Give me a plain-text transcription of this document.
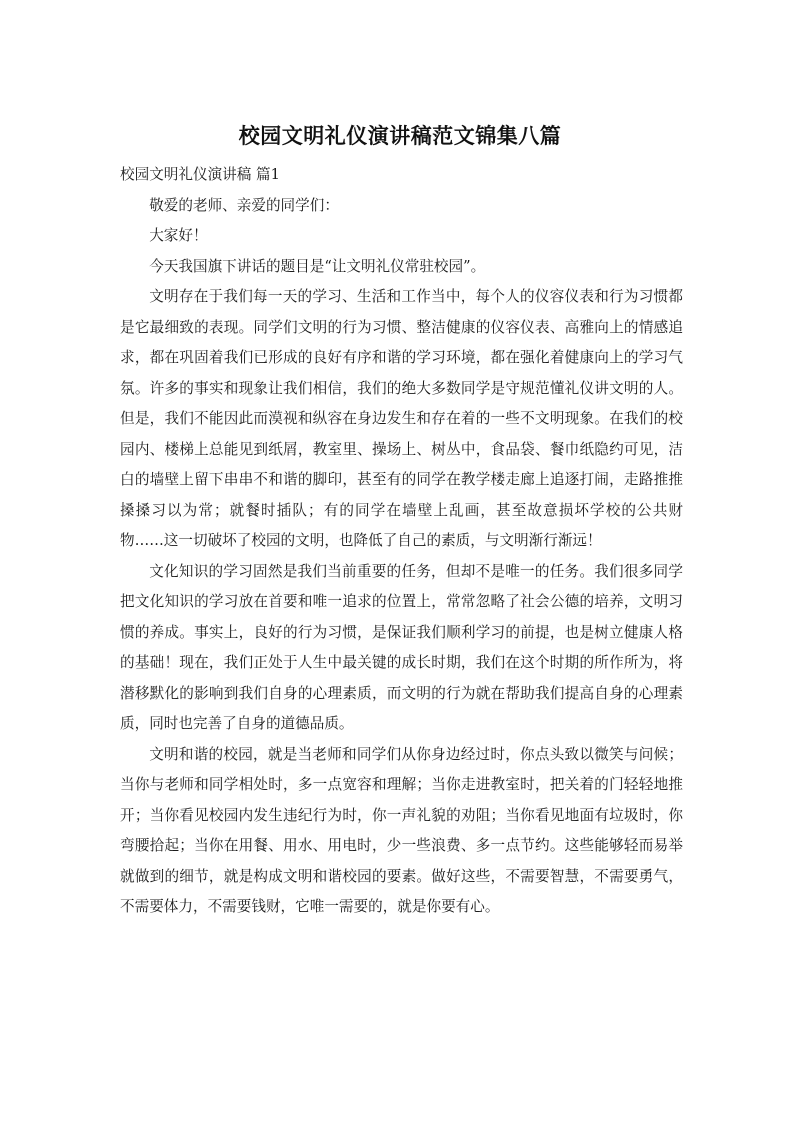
校园文明礼仪演讲稿范文锦集八篇

校园文明礼仪演讲稿 篇1

敬爱的老师、亲爱的同学们：

大家好！

今天我国旗下讲话的题目是“让文明礼仪常驻校园”。

文明存在于我们每一天的学习、生活和工作当中，每个人的仪容仪表和行为习惯都是它最细致的表现。同学们文明的行为习惯、整洁健康的仪容仪表、高雅向上的情感追求，都在巩固着我们已形成的良好有序和谐的学习环境，都在强化着健康向上的学习气氛。许多的事实和现象让我们相信，我们的绝大多数同学是守规范懂礼仪讲文明的人。但是，我们不能因此而漠视和纵容在身边发生和存在着的一些不文明现象。在我们的校园内、楼梯上总能见到纸屑，教室里、操场上、树丛中，食品袋、餐巾纸隐约可见，洁白的墙壁上留下串串不和谐的脚印，甚至有的同学在教学楼走廊上追逐打闹，走路推推搡搡习以为常；就餐时插队；有的同学在墙壁上乱画，甚至故意损坏学校的公共财物……这一切破坏了校园的文明，也降低了自己的素质，与文明渐行渐远！

文化知识的学习固然是我们当前重要的任务，但却不是唯一的任务。我们很多同学把文化知识的学习放在首要和唯一追求的位置上，常常忽略了社会公德的培养，文明习惯的养成。事实上，良好的行为习惯，是保证我们顺利学习的前提，也是树立健康人格的基础！现在，我们正处于人生中最关键的成长时期，我们在这个时期的所作所为，将潜移默化的影响到我们自身的心理素质，而文明的行为就在帮助我们提高自身的心理素质，同时也完善了自身的道德品质。

文明和谐的校园，就是当老师和同学们从你身边经过时，你点头致以微笑与问候；当你与老师和同学相处时，多一点宽容和理解；当你走进教室时，把关着的门轻轻地推开；当你看见校园内发生违纪行为时，你一声礼貌的劝阻；当你看见地面有垃圾时，你弯腰拾起；当你在用餐、用水、用电时，少一些浪费、多一点节约。这些能够轻而易举就做到的细节，就是构成文明和谐校园的要素。做好这些，不需要智慧，不需要勇气，不需要体力，不需要钱财，它唯一需要的，就是你要有心。
